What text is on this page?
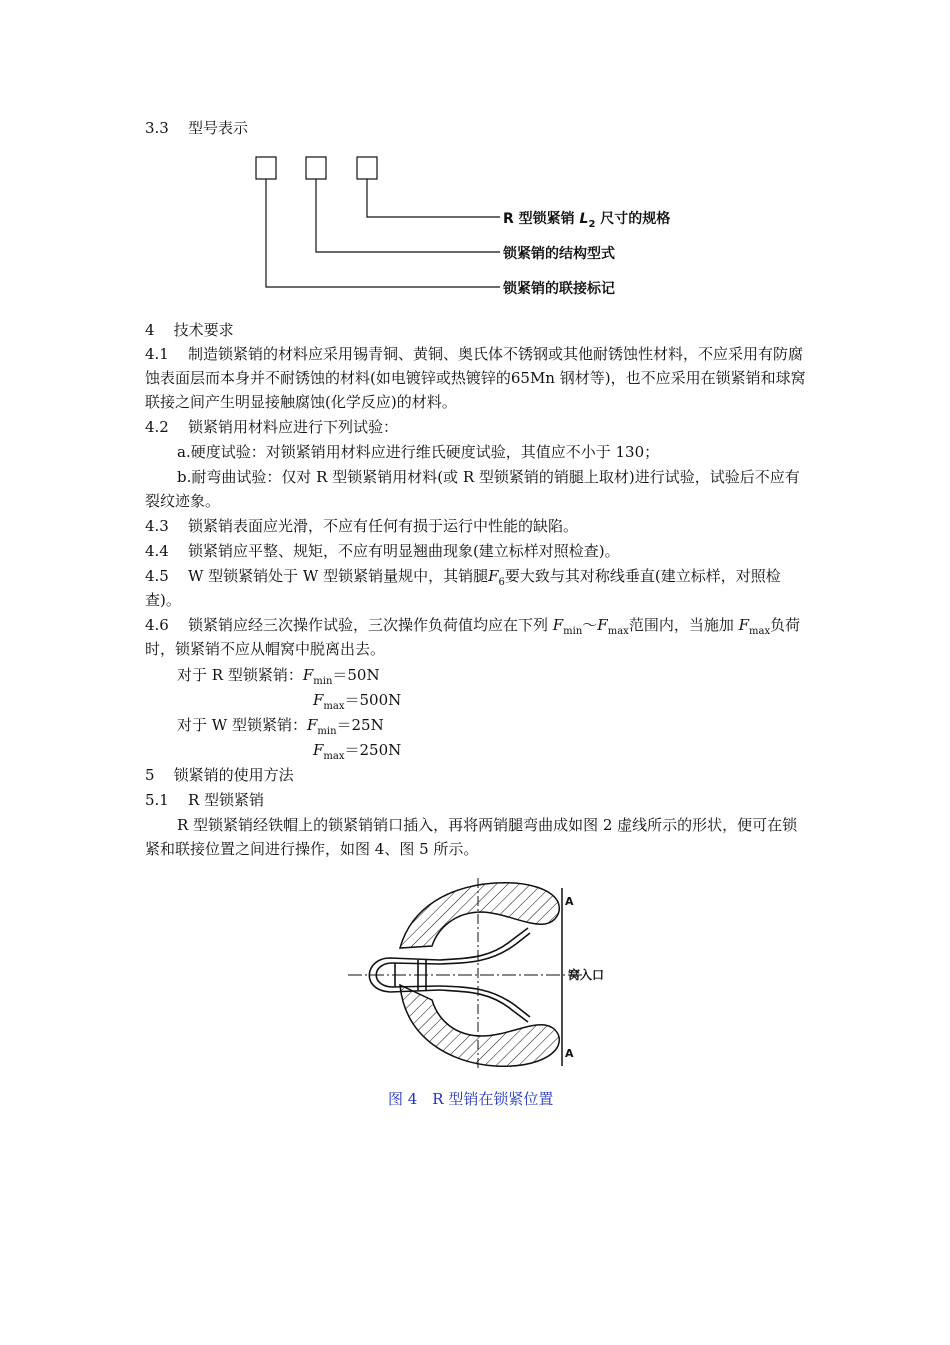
3.3 型号表示
R 型锁紧销 $L_2$ 尺寸的规格
锁紧销的结构型式
锁紧销的联接标记
4 技术要求
4.1 制造锁紧销的材料应采用锡青铜、黄铜、奥氏体不锈钢或其他耐锈蚀性材料，不应采用有防腐蚀表面层而本身并不耐锈蚀的材料(如电镀锌或热镀锌的65Mn 钢材等)，也不应采用在锁紧销和球窝联接之间产生明显接触腐蚀(化学反应)的材料。
4.2 锁紧销用材料应进行下列试验：
a.硬度试验：对锁紧销用材料应进行维氏硬度试验，其值应不小于 130；
b.耐弯曲试验：仅对 R 型锁紧销用材料(或 R 型锁紧销的销腿上取材)进行试验，试验后不应有裂纹迹象。
4.3 锁紧销表面应光滑，不应有任何有损于运行中性能的缺陷。
4.4 锁紧销应平整、规矩，不应有明显翘曲现象(建立标样对照检查)。
4.5 W 型锁紧销处于 W 型锁紧销量规中，其销腿$F_6$要大致与其对称线垂直(建立标样，对照检查)。
4.6 锁紧销应经三次操作试验，三次操作负荷值均应在下列 $F_{min}\sim F_{max}$范围内，当施加 $F_{max}$负荷时，锁紧销不应从帽窝中脱离出去。
对于 R 型锁紧销：$F_{min}=50N$
$F_{max}=500N$
对于 W 型锁紧销：$F_{min}=25N$
$F_{max}=250N$
5 锁紧销的使用方法
5.1 R 型锁紧销
R 型锁紧销经铁帽上的锁紧销销口插入，再将两销腿弯曲成如图 2 虚线所示的形状，便可在锁紧和联接位置之间进行操作，如图 4、图 5 所示。
A
A
窝入口
图 4　R 型销在锁紧位置
